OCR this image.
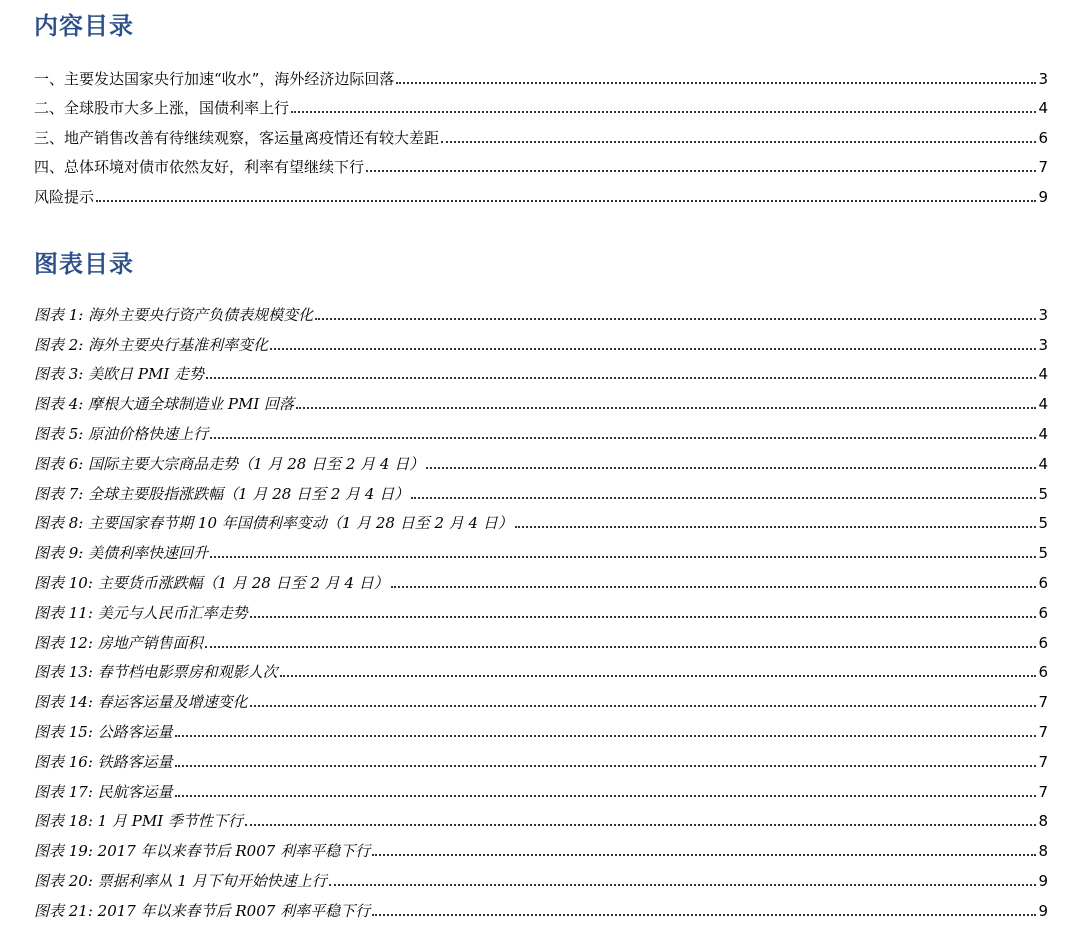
内容目录
一、主要发达国家央行加速“收水”，海外经济边际回落	3
二、全球股市大多上涨，国债利率上行	4
三、地产销售改善有待继续观察，客运量离疫情还有较大差距	6
四、总体环境对债市依然友好，利率有望继续下行	7
风险提示	9
图表目录
图表 1: 海外主要央行资产负债表规模变化	3
图表 2: 海外主要央行基准利率变化	3
图表 3: 美欧日 PMI 走势	4
图表 4: 摩根大通全球制造业 PMI 回落	4
图表 5: 原油价格快速上行	4
图表 6: 国际主要大宗商品走势（1 月 28 日至 2 月 4 日）	4
图表 7: 全球主要股指涨跌幅（1 月 28 日至 2 月 4 日）	5
图表 8: 主要国家春节期 10 年国债利率变动（1 月 28 日至 2 月 4 日）	5
图表 9: 美债利率快速回升	5
图表 10: 主要货币涨跌幅（1 月 28 日至 2 月 4 日）	6
图表 11: 美元与人民币汇率走势	6
图表 12: 房地产销售面积	6
图表 13: 春节档电影票房和观影人次	6
图表 14: 春运客运量及增速变化	7
图表 15: 公路客运量	7
图表 16: 铁路客运量	7
图表 17: 民航客运量	7
图表 18: 1 月 PMI 季节性下行	8
图表 19: 2017 年以来春节后 R007 利率平稳下行	8
图表 20: 票据利率从 1 月下旬开始快速上行	9
图表 21: 2017 年以来春节后 R007 利率平稳下行	9
